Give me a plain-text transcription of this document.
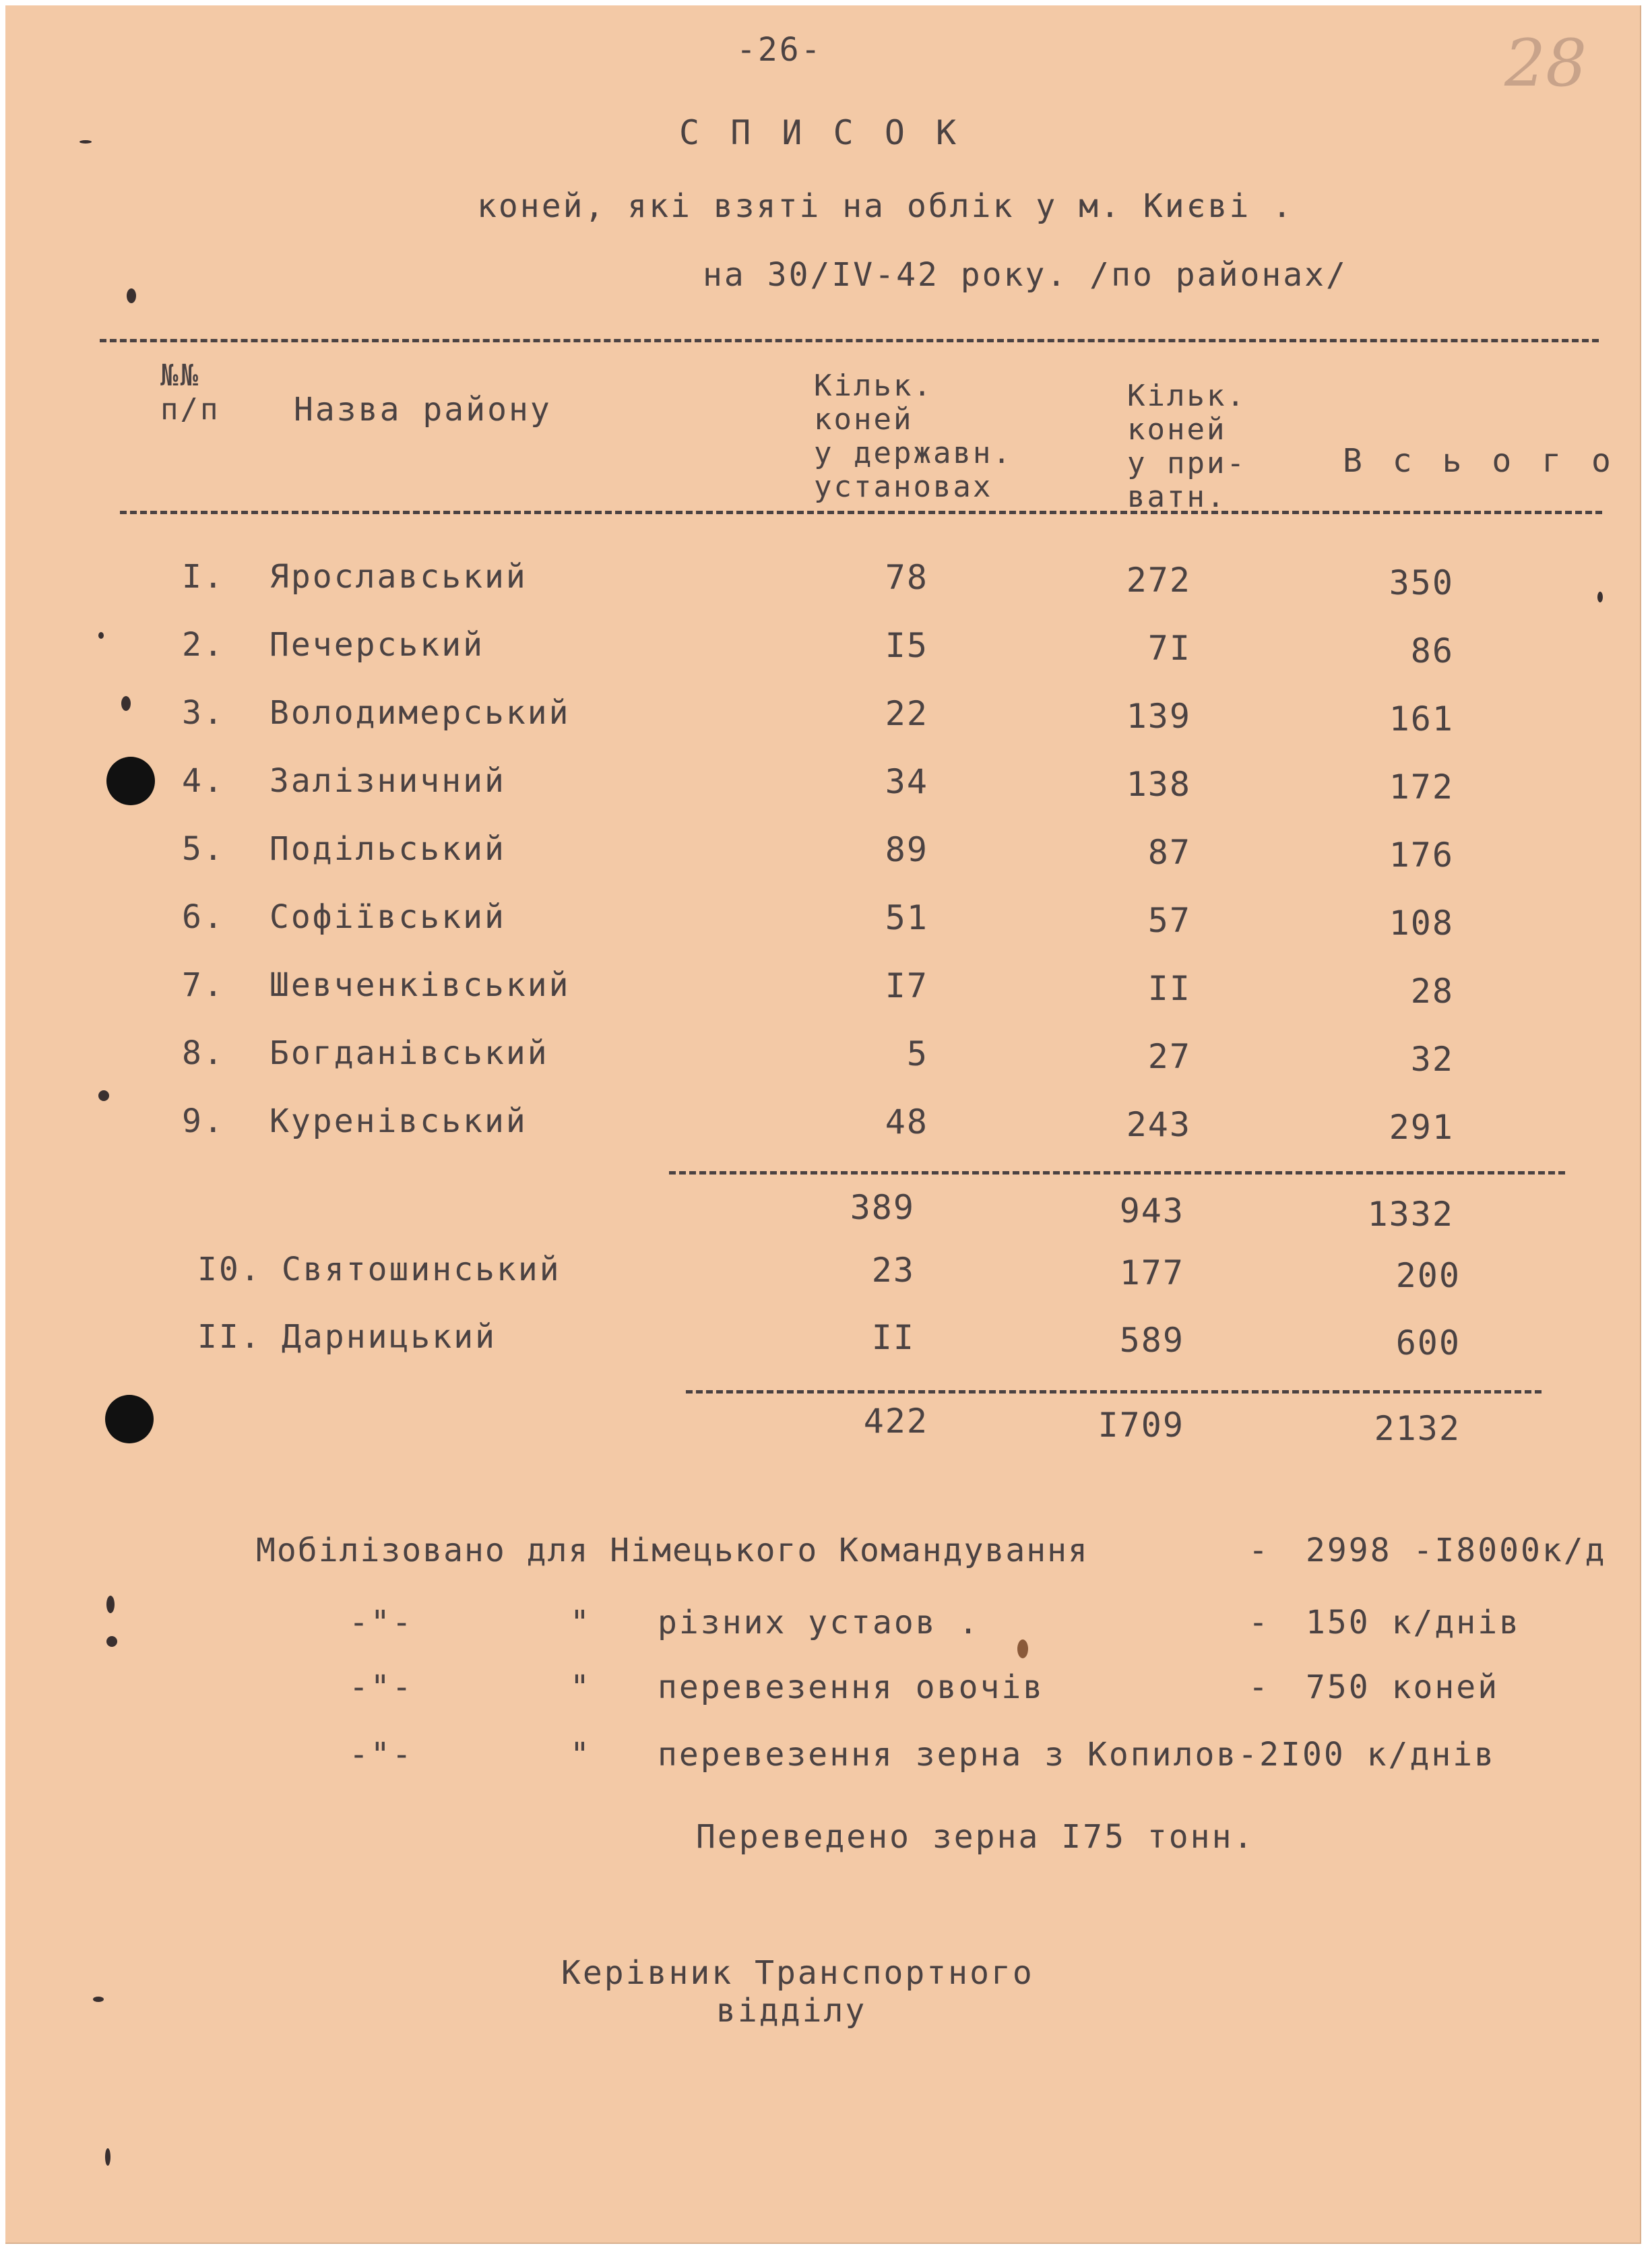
-26-	28
С П И С О К
коней, які взяті на облік у м. Києві .
на 30/IV-42 року. /по районах/
№№
п/п Назва району
Кільк.
коней
у державн.
установах
Кільк.
коней
у при-
ватн.
В с ь о г о
I. Ярославський	78	272	350
2. Печерський	I5	7I	86
3. Володимерський	22	139	161
4. Залізничний	34	138	172
5. Подільський	89	87	176
6. Софіївський	51	57	108
7. Шевченківський	I7	II	28
8. Богданівський	5	27	32
9. Куренівський	48	243	291
389	943	1332
I0. Святошинський	23	177	200
II. Дарницький	II	589	600
422	I709	2132
Мобілізовано для Німецького Командування	- 2998 -I8000к/д
-"-	" різних устаов .	- 150 к/днів
-"-	" перевезення овочів	- 750 коней
-"-	" перевезення зерна з Копилов-2I00 к/днів
Переведено зерна I75 тонн.
Керівник Транспортного
відділу
